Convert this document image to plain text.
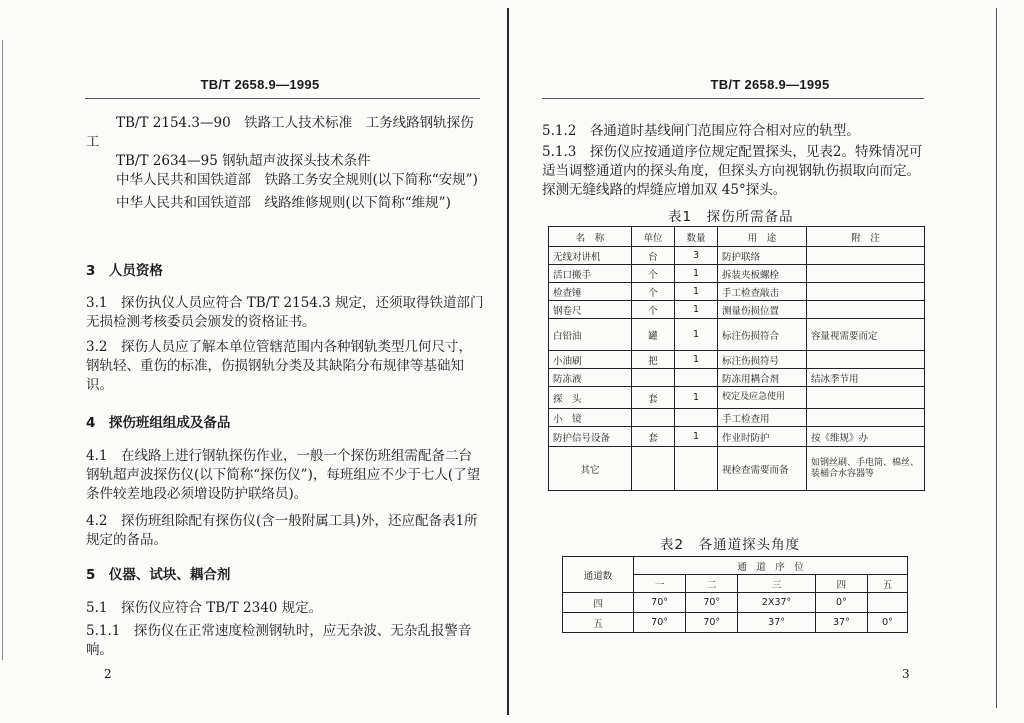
TB/T 2658.9—1995
TB/T 2154.3—90　铁路工人技术标准　工务线路钢轨探伤工
TB/T 2634—95 钢轨超声波探头技术条件
中华人民共和国铁道部　铁路工务安全规则(以下简称“安规”)
中华人民共和国铁道部　线路维修规则(以下简称“维规”)
3　人员资格
3.1　探伤执仪人员应符合 TB/T 2154.3 规定，还须取得铁道部门无损检测考核委员会颁发的资格证书。
3.2　探伤人员应了解本单位管辖范围内各种钢轨类型几何尺寸，钢轨轻、重伤的标准，伤损钢轨分类及其缺陷分布规律等基础知识。
4　探伤班组组成及备品
4.1　在线路上进行钢轨探伤作业，一般一个探伤班组需配备二台钢轨超声波探伤仪(以下简称“探伤仪”)，每班组应不少于七人(了望条件较差地段必须增设防护联络员)。
4.2　探伤班组除配有探伤仪(含一般附属工具)外，还应配备表1所规定的备品。
5　仪器、试块、耦合剂
5.1　探伤仪应符合 TB/T 2340 规定。
5.1.1　探伤仪在正常速度检测钢轨时，应无杂波、无杂乱报警音响。
2
TB/T 2658.9—1995
5.1.2　各通道时基线闸门范围应符合相对应的轨型。
5.1.3　探伤仪应按通道序位规定配置探头，见表2。特殊情况可适当调整通道内的探头角度，但探头方向视钢轨伤损取向而定。探测无缝线路的焊缝应增加双 45°探头。
表1　探伤所需备品
名　称	单位	数量	用　途	附　注
无线对讲机	台	3	防护联络	
活口搬手	个	1	拆装夹板螺栓	
检查锤	个	1	手工检查敲击	
钢卷尺	个	1	测量伤损位置	
白铅油	罐	1	标注伤损符合	容量视需要而定
小油刷	把	1	标注伤损符号	
防冻液			防冻用耦合剂	结冰季节用
探　头	套	1	校定及应急使用	
小　镜			手工检查用	
防护信号设备	套	1	作业时防护	按《维规》办
其它			视检查需要而备	如钢丝刷、手电筒、棉丝、装桶合水容器等
表2　各通道探头角度
通道数	通　道　序　位				
	一	二	三	四	五
四	70°	70°	2X37°	0°	
五	70°	70°	37°	37°	0°
3
